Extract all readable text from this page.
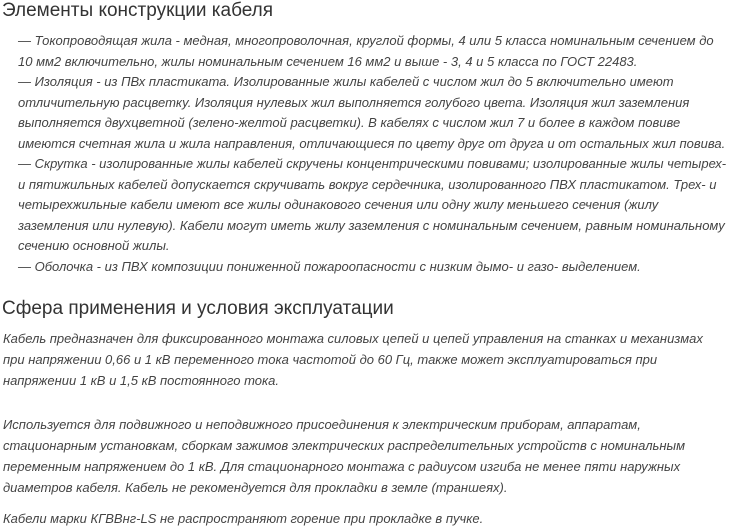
Элементы конструкции кабеля

— Токопроводящая жила - медная, многопроволочная, круглой формы, 4 или 5 класса номинальным сечением до 10 мм2 включительно, жилы номинальным сечением 16 мм2 и выше - 3, 4 и 5 класса по ГОСТ 22483.

— Изоляция - из ПВх пластиката. Изолированные жилы кабелей с числом жил до 5 включительно имеют отличительную расцветку. Изоляция нулевых жил выполняется голубого цвета. Изоляция жил заземления выполняется двухцветной (зелено-желтой расцветки). В кабелях с числом жил 7 и более в каждом повиве имеются счетная жила и жила направления, отличающиеся по цвету друг от друга и от остальных жил повива.

— Скрутка - изолированные жилы кабелей скручены концентрическими повивами; изолированные жилы четырех- и пятижильных кабелей допускается скручивать вокруг сердечника, изолированного ПВХ пластикатом. Трех- и четырехжильные кабели имеют все жилы одинакового сечения или одну жилу меньшего сечения (жилу заземления или нулевую). Кабели могут иметь жилу заземления с номинальным сечением, равным номинальному сечению основной жилы.

— Оболочка - из ПВХ композиции пониженной пожароопасности с низким дымо- и газо- выделением.

Сфера применения и условия эксплуатации

Кабель предназначен для фиксированного монтажа силовых цепей и цепей управления на станках и механизмах при напряжении 0,66 и 1 кВ переменного тока частотой до 60 Гц, также может эксплуатироваться при напряжении 1 кВ и 1,5 кВ постоянного тока.

Используется для подвижного и неподвижного присоединения к электрическим приборам, аппаратам, стационарным установкам, сборкам зажимов электрических распределительных устройств с номинальным переменным напряжением до 1 кВ. Для стационарного монтажа с радиусом изгиба не менее пяти наружных диаметров кабеля. Кабель не рекомендуется для прокладки в земле (траншеях).

Кабели марки КГВВнг-LS не распространяют горение при прокладке в пучке.
